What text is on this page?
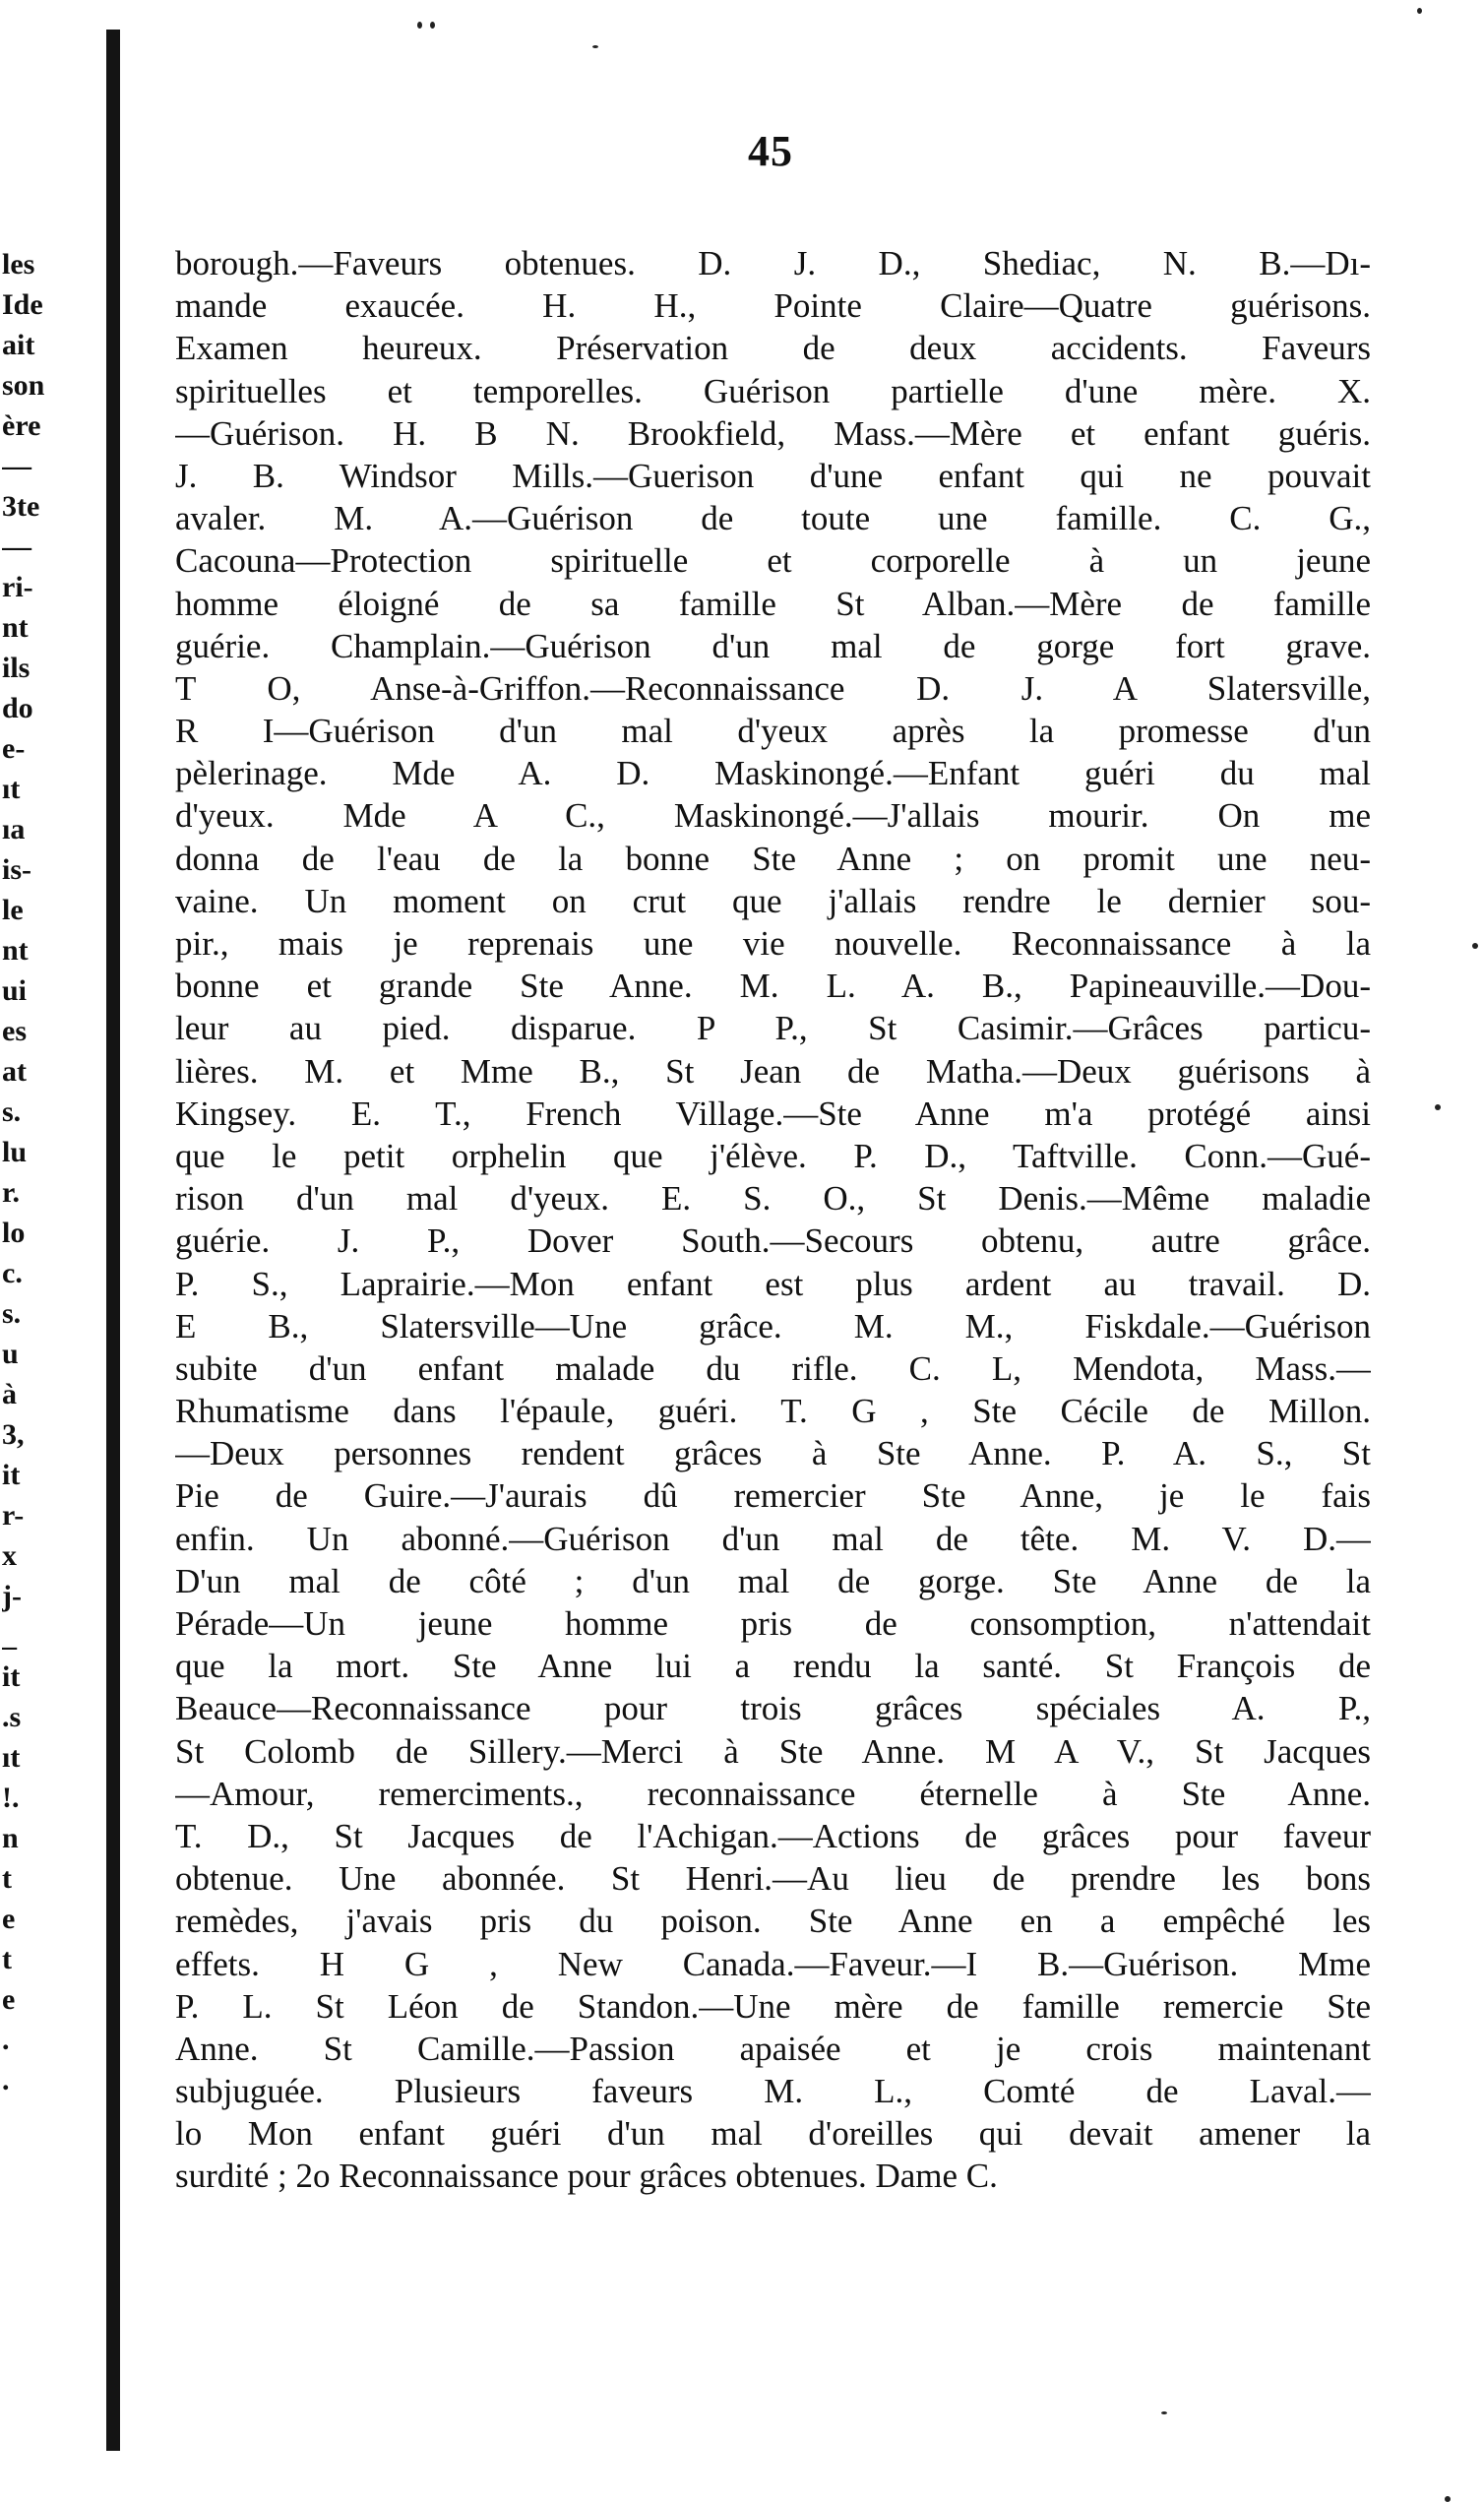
les
Ide
ait
son
ère
—
3te
—
ri-
nt
ils
do
e-
ıt
ıa
is-
le
nt
ui
es
at
s.
lu
r.
lo
c.
s.
u
à
3,
it
r-
x
j-
_
it
.s
ıt
!.
n
t
e
t
e
.
.
45
borough.—Faveurs obtenues. D. J. D., Shediac, N. B.—Dı-
mande exaucée. H. H., Pointe Claire—Quatre guérisons.
Examen heureux. Préservation de deux accidents. Faveurs
spirituelles et temporelles. Guérison partielle d'une mère. X.
—Guérison. H. B N. Brookfield, Mass.—Mère et enfant guéris.
J. B. Windsor Mills.—Guerison d'une enfant qui ne pouvait
avaler. M. A.—Guérison de toute une famille. C. G.,
Cacouna—Protection spirituelle et corporelle à un jeune
homme éloigné de sa famille St Alban.—Mère de famille
guérie. Champlain.—Guérison d'un mal de gorge fort grave.
T O, Anse-à-Griffon.—Reconnaissance D. J. A Slatersville,
R I—Guérison d'un mal d'yeux après la promesse d'un
pèlerinage. Mde A. D. Maskinongé.—Enfant guéri du mal
d'yeux. Mde A C., Maskinongé.—J'allais mourir. On me
donna de l'eau de la bonne Ste Anne ; on promit une neu-
vaine. Un moment on crut que j'allais rendre le dernier sou-
pir., mais je reprenais une vie nouvelle. Reconnaissance à la
bonne et grande Ste Anne. M. L. A. B., Papineauville.—Dou-
leur au pied. disparue. P P., St Casimir.—Grâces particu-
lières. M. et Mme B., St Jean de Matha.—Deux guérisons à
Kingsey. E. T., French Village.—Ste Anne m'a protégé ainsi
que le petit orphelin que j'élève. P. D., Taftville. Conn.—Gué-
rison d'un mal d'yeux. E. S. O., St Denis.—Même maladie
guérie. J. P., Dover South.—Secours obtenu, autre grâce.
P. S., Laprairie.—Mon enfant est plus ardent au travail. D.
E B., Slatersville—Une grâce. M. M., Fiskdale.—Guérison
subite d'un enfant malade du rifle. C. L, Mendota, Mass.—
Rhumatisme dans l'épaule, guéri. T. G , Ste Cécile de Millon.
—Deux personnes rendent grâces à Ste Anne. P. A. S., St
Pie de Guire.—J'aurais dû remercier Ste Anne, je le fais
enfin. Un abonné.—Guérison d'un mal de tête. M. V. D.—
D'un mal de côté ; d'un mal de gorge. Ste Anne de la
Pérade—Un jeune homme pris de consomption, n'attendait
que la mort. Ste Anne lui a rendu la santé. St François de
Beauce—Reconnaissance pour trois grâces spéciales A. P.,
St Colomb de Sillery.—Merci à Ste Anne. M A V., St Jacques
—Amour, remerciments., reconnaissance éternelle à Ste Anne.
T. D., St Jacques de l'Achigan.—Actions de grâces pour faveur
obtenue. Une abonnée. St Henri.—Au lieu de prendre les bons
remèdes, j'avais pris du poison. Ste Anne en a empêché les
effets. H G , New Canada.—Faveur.—I B.—Guérison. Mme
P. L. St Léon de Standon.—Une mère de famille remercie Ste
Anne. St Camille.—Passion apaisée et je crois maintenant
subjuguée. Plusieurs faveurs M. L., Comté de Laval.—
lo Mon enfant guéri d'un mal d'oreilles qui devait amener la
surdité ; 2o Reconnaissance pour grâces obtenues. Dame C.
